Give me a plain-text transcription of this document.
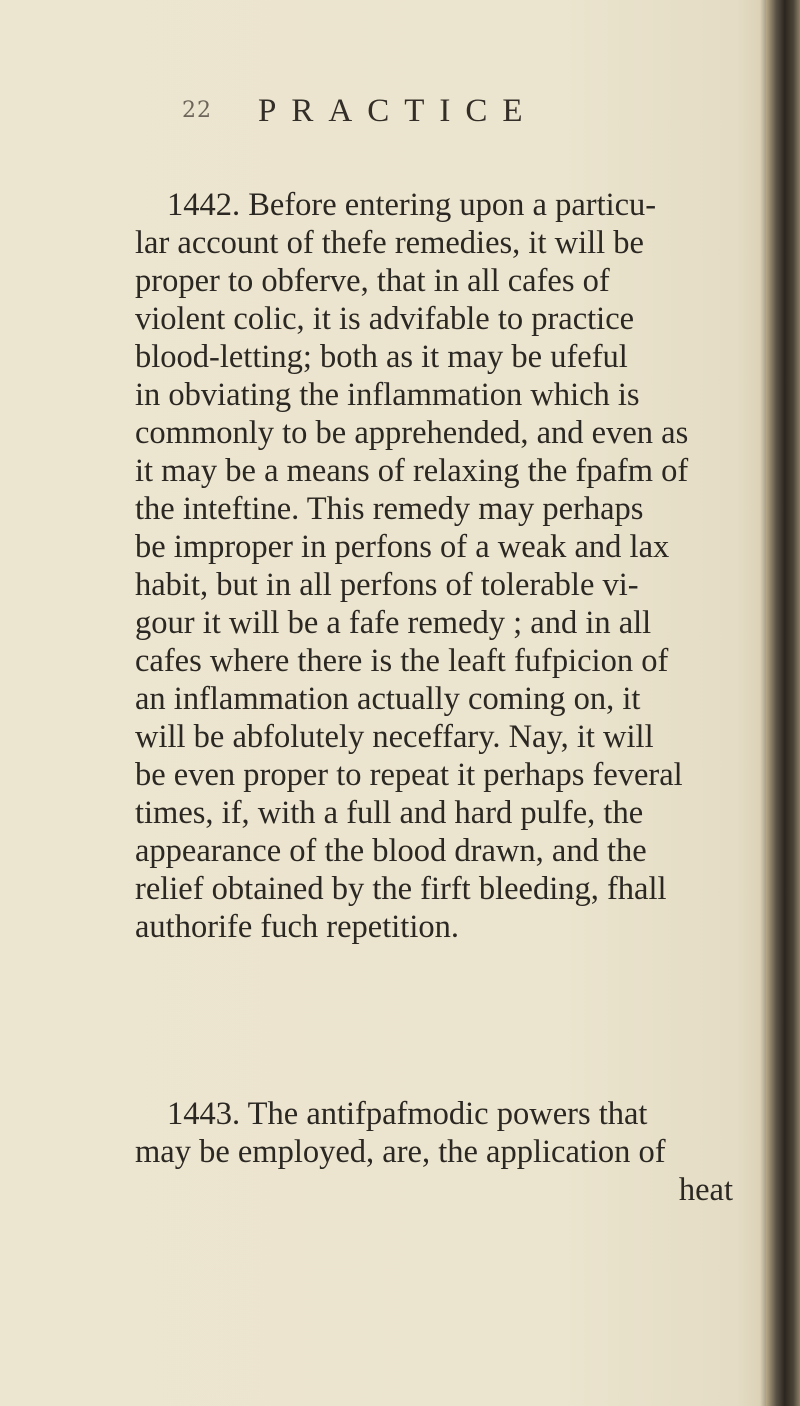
22 PRACTICE
1442. Before entering upon a particu-
lar account of thefe remedies, it will be
proper to obferve, that in all cafes of
violent colic, it is advifable to practice
blood-letting; both as it may be ufeful
in obviating the inflammation which is
commonly to be apprehended, and even as
it may be a means of relaxing the fpafm of
the inteftine. This remedy may perhaps
be improper in perfons of a weak and lax
habit, but in all perfons of tolerable vi-
gour it will be a fafe remedy ; and in all
cafes where there is the leaft fufpicion of
an inflammation actually coming on, it
will be abfolutely neceffary. Nay, it will
be even proper to repeat it perhaps feveral
times, if, with a full and hard pulfe, the
appearance of the blood drawn, and the
relief obtained by the firft bleeding, fhall
authorife fuch repetition.
1443. The antifpafmodic powers that
may be employed, are, the application of
heat
